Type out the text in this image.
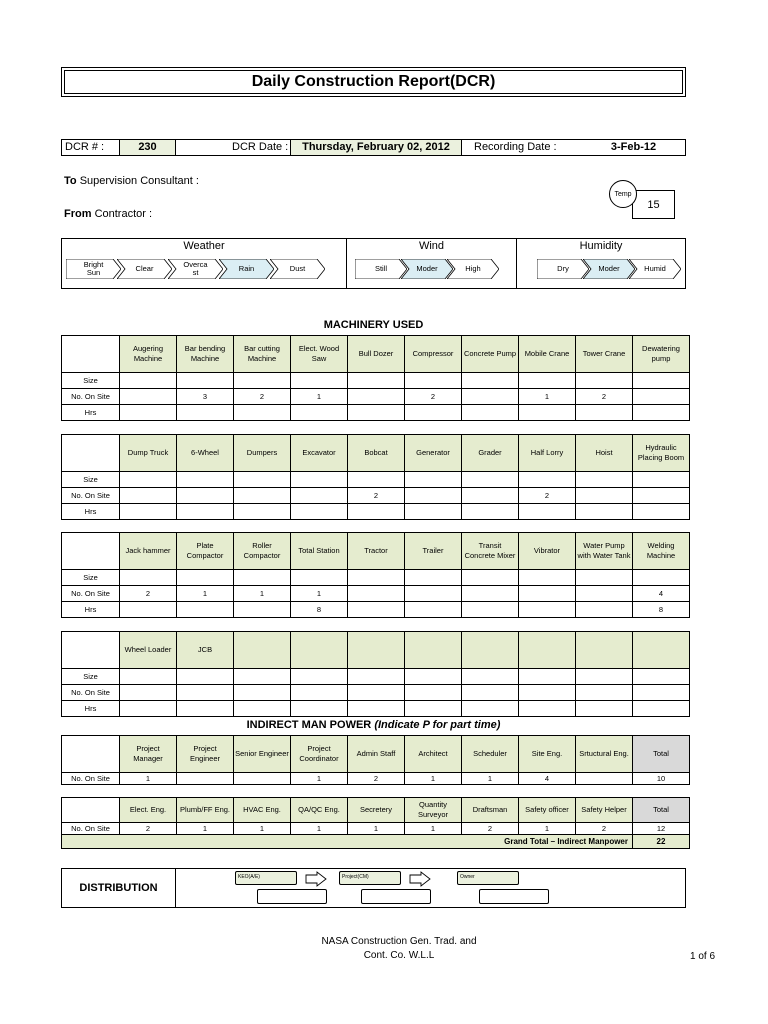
Daily Construction Report(DCR)
DCR # :	230	DCR Date :	Thursday, February 02, 2012	Recording Date :	3-Feb-12
To Supervision Consultant :
From Contractor :
15
Temp
Weather
Bright
Sun	Clear	Overca
st	Rain	Dust
Wind
Still	Moder	High
Humidity
Dry	Moder	Humid
MACHINERY USED
	Augering Machine	Bar bending Machine	Bar cutting Machine	Elect. Wood Saw	Bull Dozer	Compressor	Concrete Pump	Mobile Crane	Tower Crane	Dewatering pump
Size										
No. On Site		3	2	1		2		1	2	
Hrs										
	Dump Truck	6-Wheel	Dumpers	Excavator	Bobcat	Generator	Grader	Half Lorry	Hoist	Hydraulic Placing Boom
Size										
No. On Site					2			2		
Hrs										
	Jack hammer	Plate Compactor	Roller Compactor	Total Station	Tractor	Trailer	Transit Concrete Mixer	Vibrator	Water Pump with Water Tank	Welding Machine
Size										
No. On Site	2	1	1	1						4
Hrs				8						8
	Wheel Loader	JCB								
Size										
No. On Site										
Hrs										
INDIRECT MAN POWER (Indicate P for part time)
	Project Manager	Project Engineer	Senior Engineer	Project Coordinator	Admin Staff	Architect	Scheduler	Site Eng.	Srtuctural Eng.	Total
No. On Site	1			1	2	1	1	4		10
	Elect. Eng.	Plumb/FF Eng.	HVAC Eng.	QA/QC Eng.	Secretery	Quantity Surveyor	Draftsman	Safety officer	Safety Helper	Total
No. On Site	2	1	1	1	1	1	2	1	2	12
Grand Total – Indirect Manpower										22
DISTRIBUTION
KEO(A/E)	Project(CM)	Owner
NASA Construction Gen. Trad. and
Cont. Co. W.L.L	1 of 6
